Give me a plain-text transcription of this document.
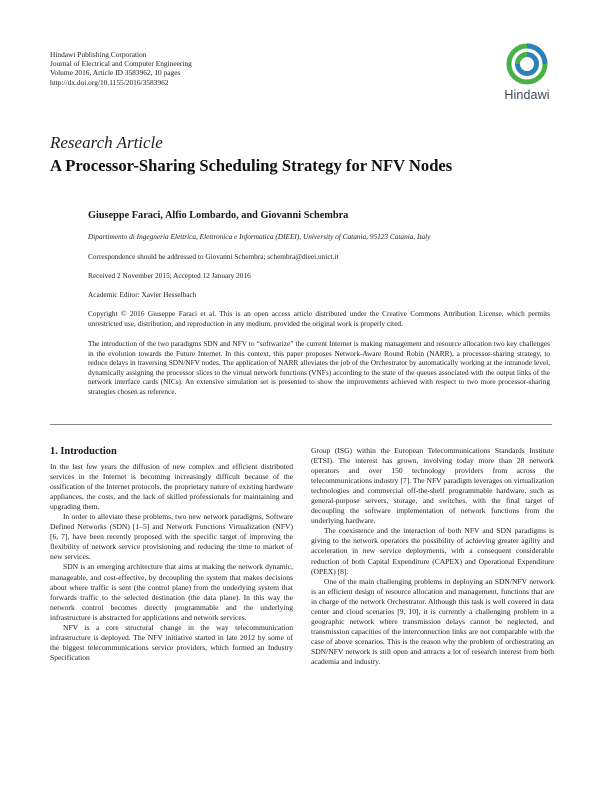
Hindawi Publishing Corporation
Journal of Electrical and Computer Engineering
Volume 2016, Article ID 3583962, 10 pages
http://dx.doi.org/10.1155/2016/3583962
Hindawi
Research Article
A Processor-Sharing Scheduling Strategy for NFV Nodes
Giuseppe Faraci, Alfio Lombardo, and Giovanni Schembra
Dipartimento di Ingegneria Elettrica, Elettronica e Informatica (DIEEI), University of Catania, 95123 Catania, Italy
Correspondence should be addressed to Giovanni Schembra; schembra@dieei.unict.it
Received 2 November 2015; Accepted 12 January 2016
Academic Editor: Xavier Hesselbach
Copyright © 2016 Giuseppe Faraci et al. This is an open access article distributed under the Creative Commons Attribution License, which permits unrestricted use, distribution, and reproduction in any medium, provided the original work is properly cited.
The introduction of the two paradigms SDN and NFV to “softwarize” the current Internet is making management and resource allocation two key challenges in the evolution towards the Future Internet. In this context, this paper proposes Network-Aware Round Robin (NARR), a processor-sharing strategy, to reduce delays in traversing SDN/NFV nodes. The application of NARR alleviates the job of the Orchestrator by automatically working at the intranode level, dynamically assigning the processor slices to the virtual network functions (VNFs) according to the state of the queues associated with the output links of the network interface cards (NICs). An extensive simulation set is presented to show the improvements achieved with respect to two more processor-sharing strategies chosen as reference.
1. Introduction

In the last few years the diffusion of new complex and efficient distributed services in the Internet is becoming increasingly difficult because of the ossification of the Internet protocols, the proprietary nature of existing hardware appliances, the costs, and the lack of skilled professionals for maintaining and upgrading them.

In order to alleviate these problems, two new network paradigms, Software Defined Networks (SDN) [1–5] and Network Functions Virtualization (NFV) [6, 7], have been recently proposed with the specific target of improving the flexibility of network service provisioning and reducing the time to market of new services.

SDN is an emerging architecture that aims at making the network dynamic, manageable, and cost-effective, by decoupling the system that makes decisions about where traffic is sent (the control plane) from the underlying system that forwards traffic to the selected destination (the data plane). In this way the network control becomes directly programmable and the underlying infrastructure is abstracted for applications and network services.

NFV is a core structural change in the way telecommunication infrastructure is deployed. The NFV initiative started in late 2012 by some of the biggest telecommunications service providers, which formed an Industry Specification

Group (ISG) within the European Telecommunications Standards Institute (ETSI). The interest has grown, involving today more than 28 network operators and over 150 technology providers from across the telecommunications industry [7]. The NFV paradigm leverages on virtualization technologies and commercial off-the-shelf programmable hardware, such as general-purpose servers, storage, and switches, with the final target of decoupling the software implementation of network functions from the underlying hardware.

The coexistence and the interaction of both NFV and SDN paradigms is giving to the network operators the possibility of achieving greater agility and acceleration in new service deployments, with a consequent considerable reduction of both Capital Expenditure (CAPEX) and Operational Expenditure (OPEX) [8].

One of the main challenging problems in deploying an SDN/NFV network is an efficient design of resource allocation and management, functions that are in charge of the network Orchestrator. Although this task is well covered in data center and cloud scenarios [9, 10], it is currently a challenging problem in a geographic network where transmission delays cannot be neglected, and transmission capacities of the interconnection links are not comparable with the case of above scenarios. This is the reason why the problem of orchestrating an SDN/NFV network is still open and attracts a lot of research interest from both academia and industry.
